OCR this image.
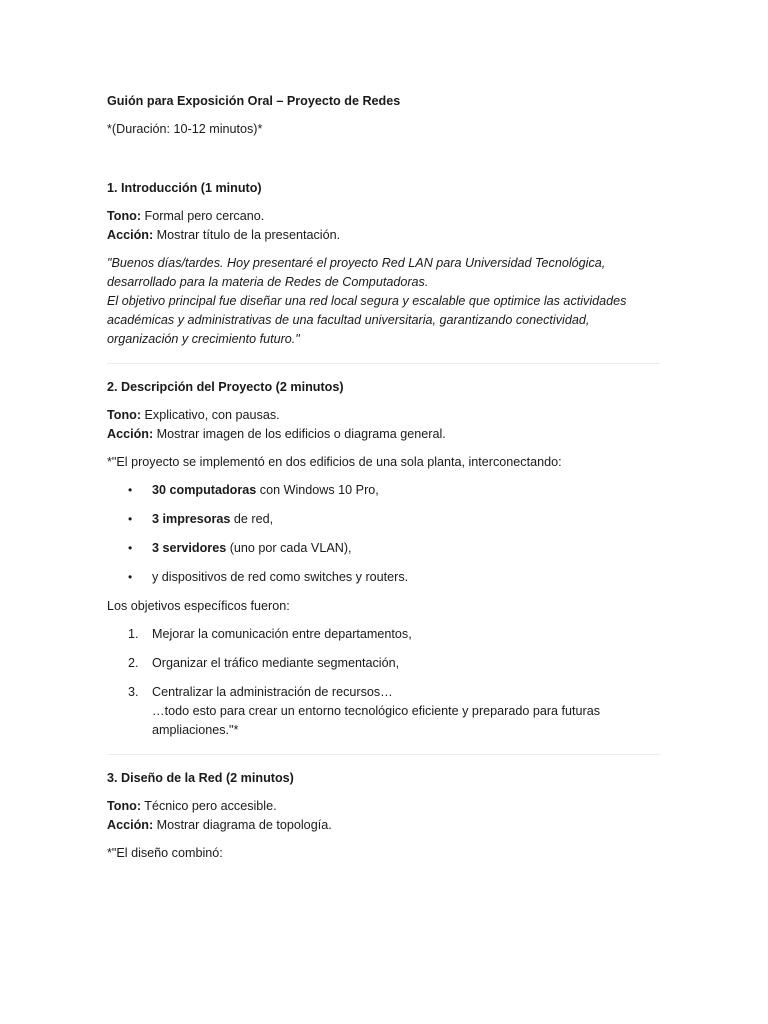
Guión para Exposición Oral – Proyecto de Redes

*(Duración: 10-12 minutos)*

1. Introducción (1 minuto)

Tono: Formal pero cercano.
Acción: Mostrar título de la presentación.

"Buenos días/tardes. Hoy presentaré el proyecto Red LAN para Universidad Tecnológica, desarrollado para la materia de Redes de Computadoras.
El objetivo principal fue diseñar una red local segura y escalable que optimice las actividades académicas y administrativas de una facultad universitaria, garantizando conectividad, organización y crecimiento futuro."

2. Descripción del Proyecto (2 minutos)

Tono: Explicativo, con pausas.
Acción: Mostrar imagen de los edificios o diagrama general.

*"El proyecto se implementó en dos edificios de una sola planta, interconectando:

• 30 computadoras con Windows 10 Pro,
• 3 impresoras de red,
• 3 servidores (uno por cada VLAN),
• y dispositivos de red como switches y routers.

Los objetivos específicos fueron:

1. Mejorar la comunicación entre departamentos,
2. Organizar el tráfico mediante segmentación,
3. Centralizar la administración de recursos…
…todo esto para crear un entorno tecnológico eficiente y preparado para futuras ampliaciones."*

3. Diseño de la Red (2 minutos)

Tono: Técnico pero accesible.
Acción: Mostrar diagrama de topología.

*"El diseño combinó:
